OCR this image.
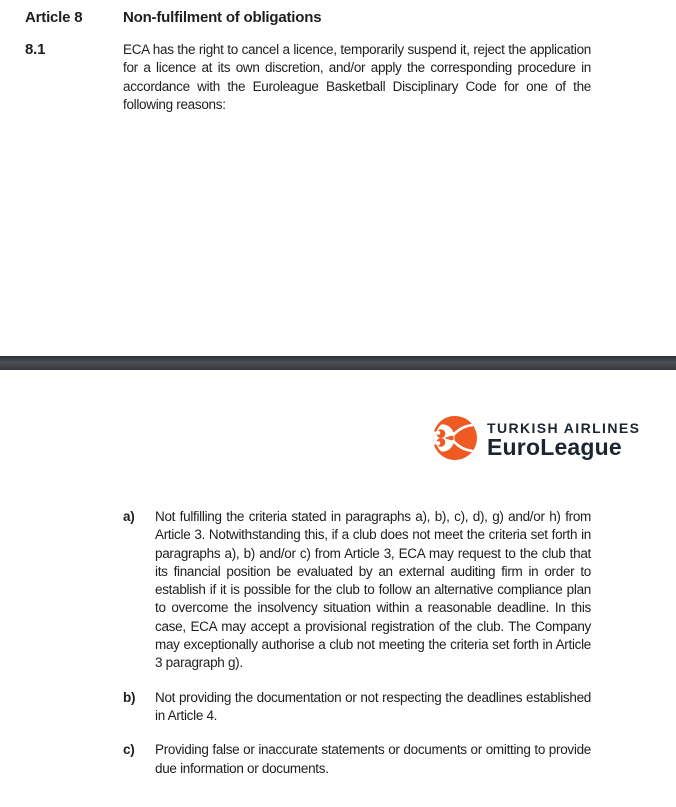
Article 8	Non-fulfilment of obligations
8.1	ECA has the right to cancel a licence, temporarily suspend it, reject the application for a licence at its own discretion, and/or apply the corresponding procedure in accordance with the Euroleague Basketball Disciplinary Code for one of the following reasons:

TURKISH AIRLINES
EuroLeague
a)	Not fulfilling the criteria stated in paragraphs a), b), c), d), g) and/or h) from Article 3. Notwithstanding this, if a club does not meet the criteria set forth in paragraphs a), b) and/or c) from Article 3, ECA may request to the club that its financial position be evaluated by an external auditing firm in order to establish if it is possible for the club to follow an alternative compliance plan to overcome the insolvency situation within a reasonable deadline. In this case, ECA may accept a provisional registration of the club. The Company may exceptionally authorise a club not meeting the criteria set forth in Article 3 paragraph g).

b)	Not providing the documentation or not respecting the deadlines established in Article 4.

c)	Providing false or inaccurate statements or documents or omitting to provide due information or documents.
